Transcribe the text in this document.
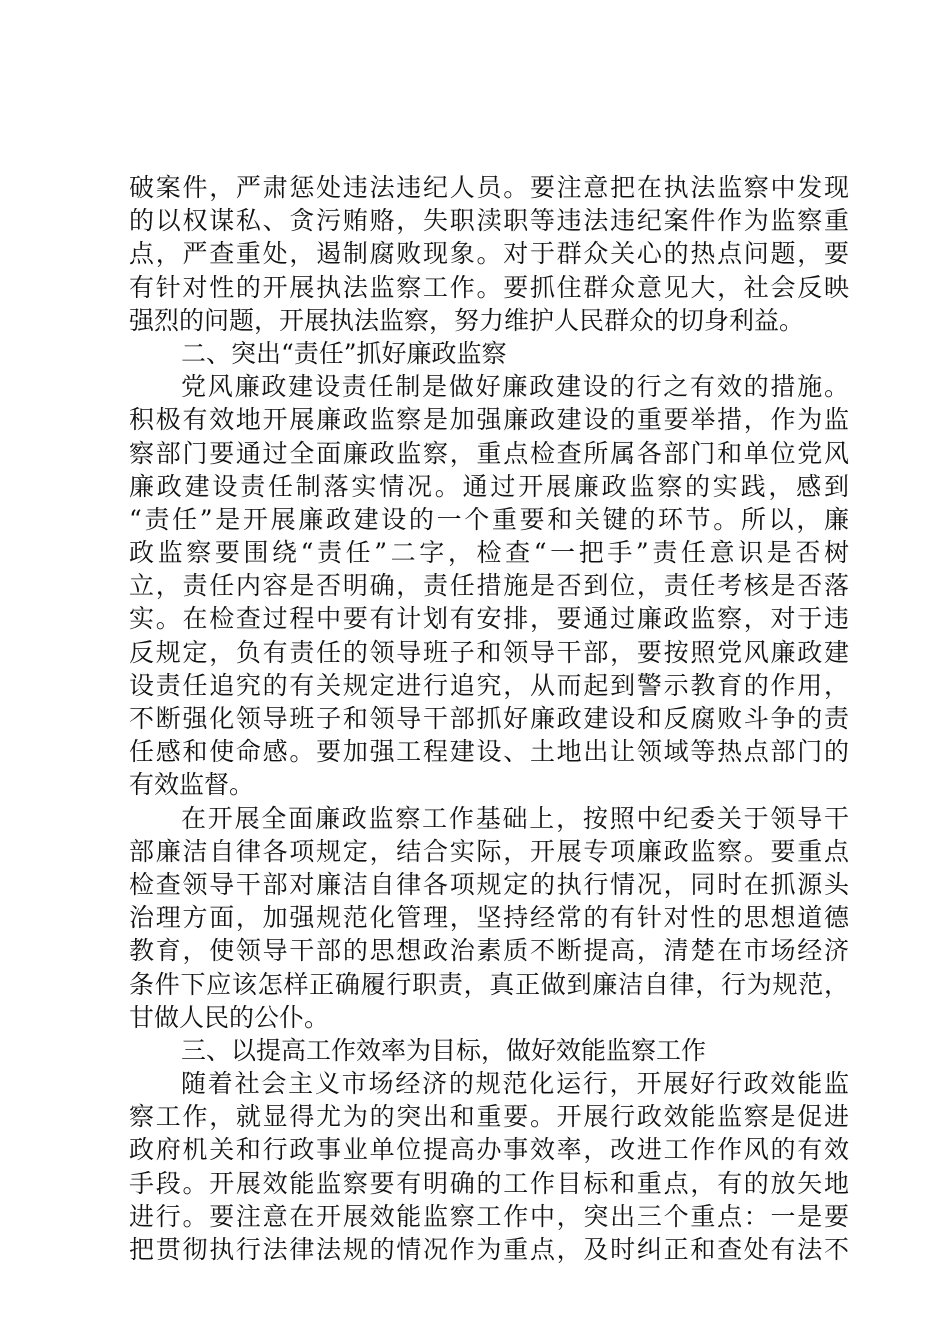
破案件，严肃惩处违法违纪人员。要注意把在执法监察中发现
的以权谋私、贪污贿赂，失职渎职等违法违纪案件作为监察重
点，严查重处，遏制腐败现象。对于群众关心的热点问题，要
有针对性的开展执法监察工作。要抓住群众意见大，社会反映
强烈的问题，开展执法监察，努力维护人民群众的切身利益。
二、突出“责任”抓好廉政监察
党风廉政建设责任制是做好廉政建设的行之有效的措施。
积极有效地开展廉政监察是加强廉政建设的重要举措，作为监
察部门要通过全面廉政监察，重点检查所属各部门和单位党风
廉政建设责任制落实情况。通过开展廉政监察的实践，感到
“责任”是开展廉政建设的一个重要和关键的环节。所以，廉
政监察要围绕“责任”二字，检查“一把手”责任意识是否树
立，责任内容是否明确，责任措施是否到位，责任考核是否落
实。在检查过程中要有计划有安排，要通过廉政监察，对于违
反规定，负有责任的领导班子和领导干部，要按照党风廉政建
设责任追究的有关规定进行追究，从而起到警示教育的作用，
不断强化领导班子和领导干部抓好廉政建设和反腐败斗争的责
任感和使命感。要加强工程建设、土地出让领域等热点部门的
有效监督。
在开展全面廉政监察工作基础上，按照中纪委关于领导干
部廉洁自律各项规定，结合实际，开展专项廉政监察。要重点
检查领导干部对廉洁自律各项规定的执行情况，同时在抓源头
治理方面，加强规范化管理，坚持经常的有针对性的思想道德
教育，使领导干部的思想政治素质不断提高，清楚在市场经济
条件下应该怎样正确履行职责，真正做到廉洁自律，行为规范，
甘做人民的公仆。
三、以提高工作效率为目标，做好效能监察工作
随着社会主义市场经济的规范化运行，开展好行政效能监
察工作，就显得尤为的突出和重要。开展行政效能监察是促进
政府机关和行政事业单位提高办事效率，改进工作作风的有效
手段。开展效能监察要有明确的工作目标和重点，有的放矢地
进行。要注意在开展效能监察工作中，突出三个重点：一是要
把贯彻执行法律法规的情况作为重点，及时纠正和查处有法不
